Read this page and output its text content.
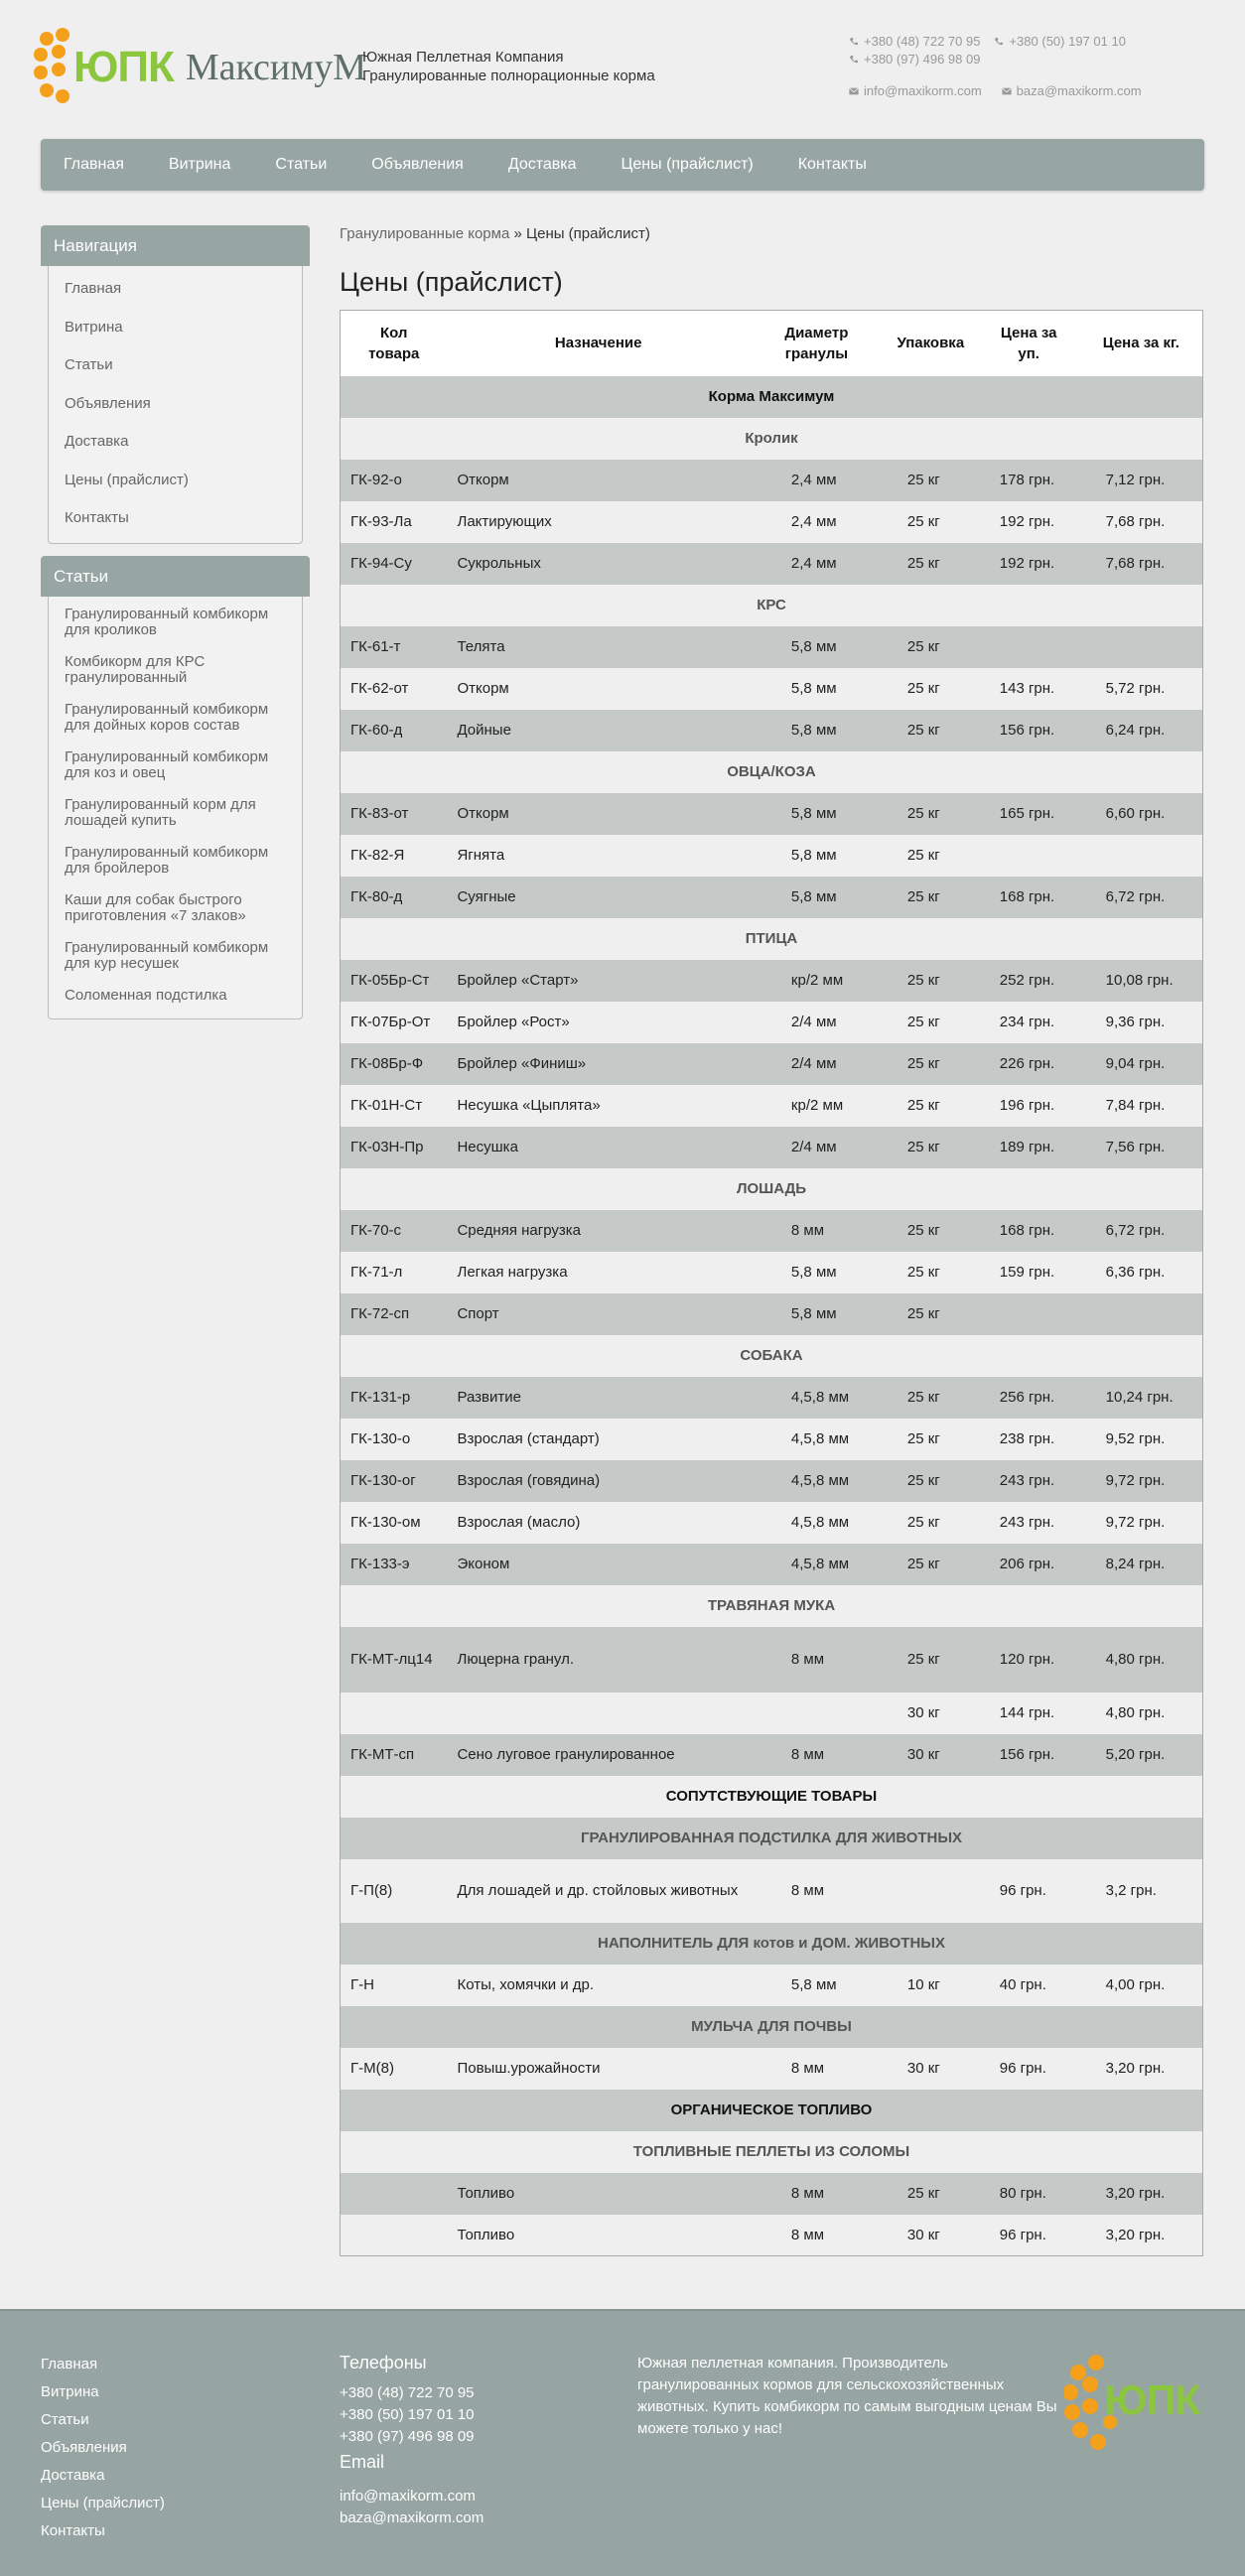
ЮПК МаксимуМ
Южная Пеллетная Компания
Гранулированные полнорационные корма
+380 (48) 722 70 95	+380 (50) 197 01 10
+380 (97) 496 98 09
info@maxikorm.com	baza@maxikorm.com
Главная	Витрина	Статьи	Объявления	Доставка	Цены (прайслист)	Контакты
Навигация
Главная
Витрина
Статьи
Объявления
Доставка
Цены (прайслист)
Контакты
Статьи
Гранулированный комбикорм для кроликов
Комбикорм для КРС гранулированный
Гранулированный комбикорм для дойных коров состав
Гранулированный комбикорм для коз и овец
Гранулированный корм для лошадей купить
Гранулированный комбикорм для бройлеров
Каши для собак быстрого приготовления «7 злаков»
Гранулированный комбикорм для кур несушек
Соломенная подстилка
Гранулированные корма » Цены (прайслист)
Цены (прайслист)
Кол товара	Назначение	Диаметр гранулы	Упаковка	Цена за уп.	Цена за кг.
Корма Максимум					
Кролик					
ГК-92-о	Откорм	2,4 мм	25 кг	178 грн.	7,12 грн.
ГК-93-Ла	Лактирующих	2,4 мм	25 кг	192 грн.	7,68 грн.
ГК-94-Су	Сукрольных	2,4 мм	25 кг	192 грн.	7,68 грн.
КРС					
ГК-61-т	Телята	5,8 мм	25 кг		
ГК-62-от	Откорм	5,8 мм	25 кг	143 грн.	5,72 грн.
ГК-60-д	Дойные	5,8 мм	25 кг	156 грн.	6,24 грн.
ОВЦА/КОЗА					
ГК-83-от	Откорм	5,8 мм	25 кг	165 грн.	6,60 грн.
ГК-82-Я	Ягнята	5,8 мм	25 кг		
ГК-80-д	Суягные	5,8 мм	25 кг	168 грн.	6,72 грн.
ПТИЦА					
ГК-05Бр-Ст	Бройлер «Старт»	кр/2 мм	25 кг	252 грн.	10,08 грн.
ГК-07Бр-От	Бройлер «Рост»	2/4 мм	25 кг	234 грн.	9,36 грн.
ГК-08Бр-Ф	Бройлер «Финиш»	2/4 мм	25 кг	226 грн.	9,04 грн.
ГК-01Н-Ст	Несушка «Цыплята»	кр/2 мм	25 кг	196 грн.	7,84 грн.
ГК-03Н-Пр	Несушка	2/4 мм	25 кг	189 грн.	7,56 грн.
ЛОШАДЬ					
ГК-70-с	Средняя нагрузка	8 мм	25 кг	168 грн.	6,72 грн.
ГК-71-л	Легкая нагрузка	5,8 мм	25 кг	159 грн.	6,36 грн.
ГК-72-сп	Спорт	5,8 мм	25 кг		
СОБАКА					
ГК-131-р	Развитие	4,5,8 мм	25 кг	256 грн.	10,24 грн.
ГК-130-о	Взрослая (стандарт)	4,5,8 мм	25 кг	238 грн.	9,52 грн.
ГК-130-ог	Взрослая (говядина)	4,5,8 мм	25 кг	243 грн.	9,72 грн.
ГК-130-ом	Взрослая (масло)	4,5,8 мм	25 кг	243 грн.	9,72 грн.
ГК-133-э	Эконом	4,5,8 мм	25 кг	206 грн.	8,24 грн.
ТРАВЯНАЯ МУКА					
ГК-МТ-лц14	Люцерна гранул.	8 мм	25 кг	120 грн.	4,80 грн.
			30 кг	144 грн.	4,80 грн.
ГК-МТ-сп	Сено луговое гранулированное	8 мм	30 кг	156 грн.	5,20 грн.
СОПУТСТВУЮЩИЕ ТОВАРЫ					
ГРАНУЛИРОВАННАЯ ПОДСТИЛКА ДЛЯ ЖИВОТНЫХ					
Г-П(8)	Для лошадей и др. стойловых животных	8 мм		96 грн.	3,2 грн.
НАПОЛНИТЕЛЬ ДЛЯ котов и ДОМ. ЖИВОТНЫХ					
Г-Н	Коты, хомячки и др.	5,8 мм	10 кг	40 грн.	4,00 грн.
МУЛЬЧА ДЛЯ ПОЧВЫ					
Г-М(8)	Повыш.урожайности	8 мм	30 кг	96 грн.	3,20 грн.
ОРГАНИЧЕСКОЕ ТОПЛИВО					
ТОПЛИВНЫЕ ПЕЛЛЕТЫ ИЗ СОЛОМЫ					
	Топливо	8 мм	25 кг	80 грн.	3,20 грн.
	Топливо	8 мм	30 кг	96 грн.	3,20 грн.
Главная
Витрина
Статьи
Объявления
Доставка
Цены (прайслист)
Контакты
Телефоны
+380 (48) 722 70 95
+380 (50) 197 01 10
+380 (97) 496 98 09
Email
info@maxikorm.com
baza@maxikorm.com
Южная пеллетная компания. Производитель гранулированных кормов для сельскохозяйственных животных. Купить комбикорм по самым выгодным ценам Вы можете только у нас!
ЮПК
